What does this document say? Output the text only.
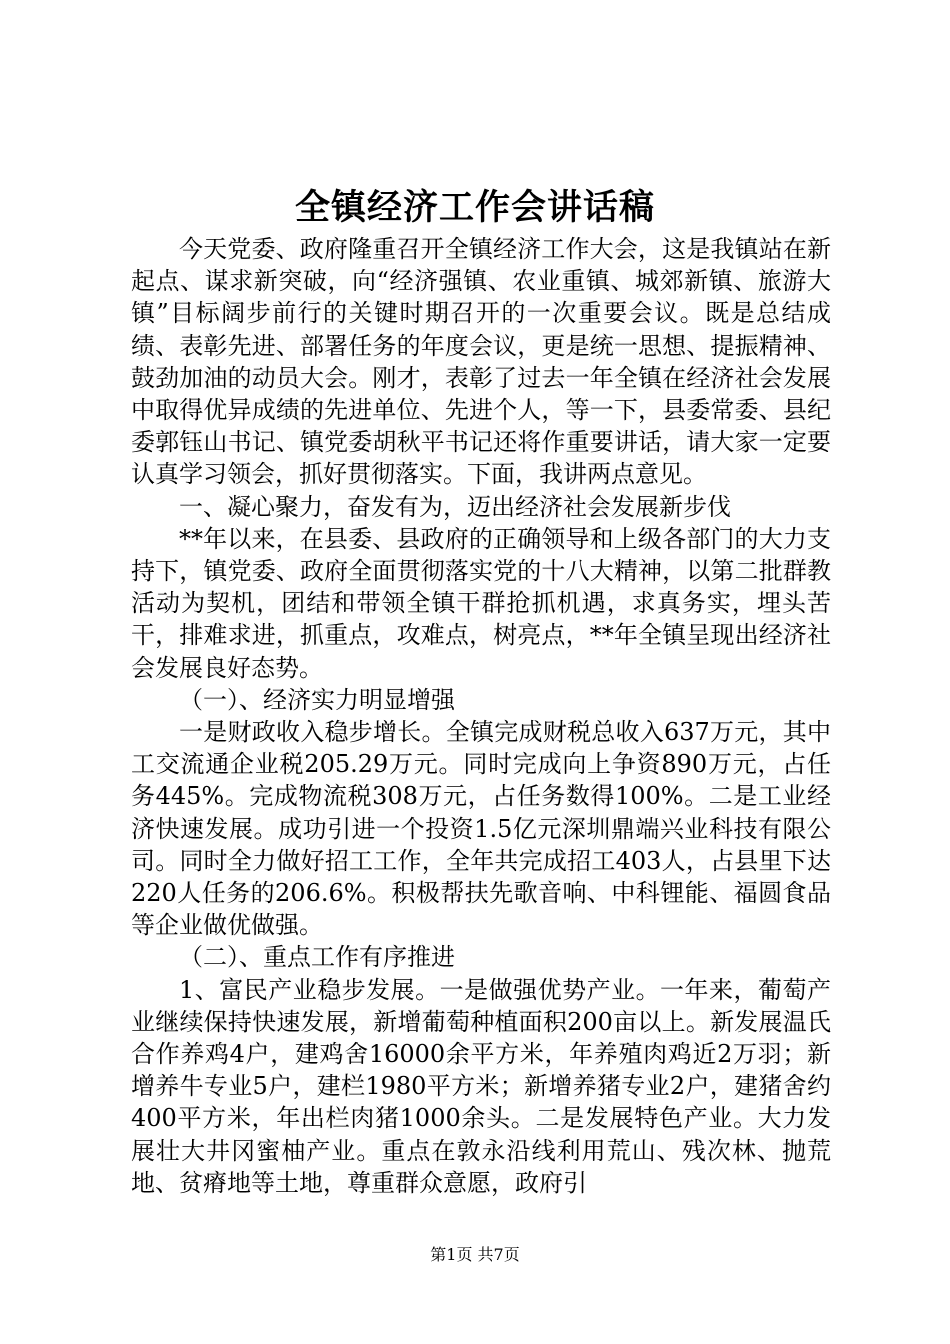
全镇经济工作会讲话稿

今天党委、政府隆重召开全镇经济工作大会，这是我镇站在新起点、谋求新突破，向“经济强镇、农业重镇、城郊新镇、旅游大镇”目标阔步前行的关键时期召开的一次重要会议。既是总结成绩、表彰先进、部署任务的年度会议，更是统一思想、提振精神、鼓劲加油的动员大会。刚才，表彰了过去一年全镇在经济社会发展中取得优异成绩的先进单位、先进个人，等一下，县委常委、县纪委郭钰山书记、镇党委胡秋平书记还将作重要讲话，请大家一定要认真学习领会，抓好贯彻落实。下面，我讲两点意见。

一、凝心聚力，奋发有为，迈出经济社会发展新步伐

**年以来，在县委、县政府的正确领导和上级各部门的大力支持下，镇党委、政府全面贯彻落实党的十八大精神，以第二批群教活动为契机，团结和带领全镇干群抢抓机遇，求真务实，埋头苦干，排难求进，抓重点，攻难点，树亮点，**年全镇呈现出经济社会发展良好态势。

（一）、经济实力明显增强

一是财政收入稳步增长。全镇完成财税总收入637万元，其中工交流通企业税205.29万元。同时完成向上争资890万元，占任务445%。完成物流税308万元，占任务数得100%。二是工业经济快速发展。成功引进一个投资1.5亿元深圳鼎端兴业科技有限公司。同时全力做好招工工作，全年共完成招工403人，占县里下达220人任务的206.6%。积极帮扶先歌音响、中科锂能、福圆食品等企业做优做强。

（二）、重点工作有序推进

1、富民产业稳步发展。一是做强优势产业。一年来，葡萄产业继续保持快速发展，新增葡萄种植面积200亩以上。新发展温氏合作养鸡4户，建鸡舍16000余平方米，年养殖肉鸡近2万羽；新增养牛专业5户，建栏1980平方米；新增养猪专业2户，建猪舍约400平方米，年出栏肉猪1000余头。二是发展特色产业。大力发展壮大井冈蜜柚产业。重点在敦永沿线利用荒山、残次林、抛荒地、贫瘠地等土地，尊重群众意愿，政府引

第1页 共7页
